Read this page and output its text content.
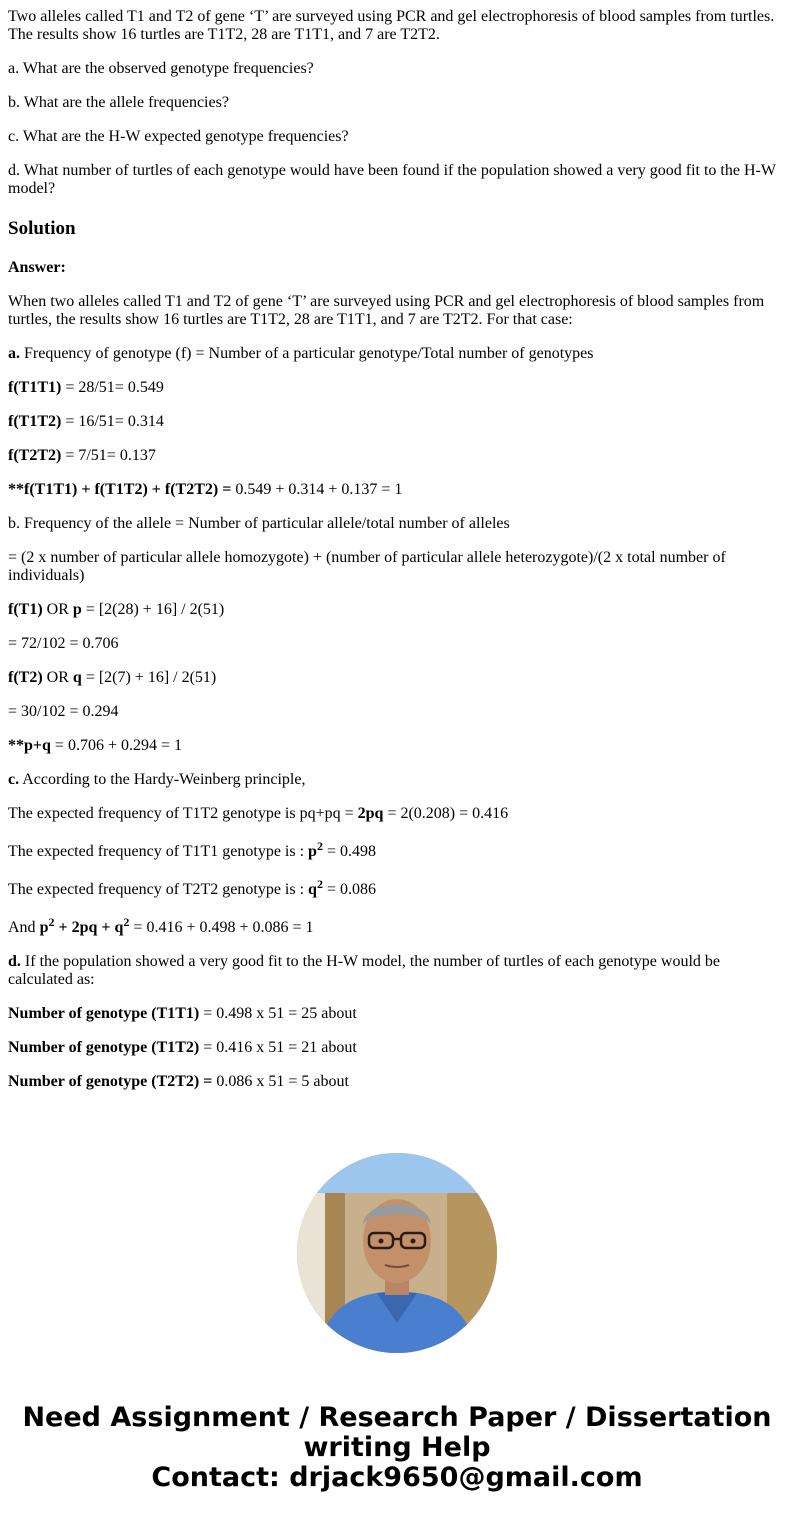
Two alleles called T1 and T2 of gene ‘T’ are surveyed using PCR and gel electrophoresis of blood samples from turtles. The results show 16 turtles are T1T2, 28 are T1T1, and 7 are T2T2.

a. What are the observed genotype frequencies?

b. What are the allele frequencies?

c. What are the H-W expected genotype frequencies?

d. What number of turtles of each genotype would have been found if the population showed a very good fit to the H-W model?

Solution

Answer:

When two alleles called T1 and T2 of gene ‘T’ are surveyed using PCR and gel electrophoresis of blood samples from turtles, the results show 16 turtles are T1T2, 28 are T1T1, and 7 are T2T2. For that case:

a. Frequency of genotype (f) = Number of a particular genotype/Total number of genotypes

f(T1T1) = 28/51= 0.549

f(T1T2) = 16/51= 0.314

f(T2T2) = 7/51= 0.137

**f(T1T1) + f(T1T2) + f(T2T2) = 0.549 + 0.314 + 0.137 = 1

b. Frequency of the allele = Number of particular allele/total number of alleles

= (2 x number of particular allele homozygote) + (number of particular allele heterozygote)/(2 x total number of individuals)

f(T1) OR p = [2(28) + 16] / 2(51)

= 72/102 = 0.706

f(T2) OR q = [2(7) + 16] / 2(51)

= 30/102 = 0.294

**p+q = 0.706 + 0.294 = 1

c. According to the Hardy-Weinberg principle,

The expected frequency of T1T2 genotype is pq+pq = 2pq = 2(0.208) = 0.416

The expected frequency of T1T1 genotype is : $p^2 = 0.498$

The expected frequency of T2T2 genotype is : $q^2 = 0.086$

And $p^2 + 2pq + q^2 = 0.416 + 0.498 + 0.086 = 1$

d. If the population showed a very good fit to the H-W model, the number of turtles of each genotype would be calculated as:

Number of genotype (T1T1) = 0.498 x 51 = 25 about

Number of genotype (T1T2) = 0.416 x 51 = 21 about

Number of genotype (T2T2) = 0.086 x 51 = 5 about

Need Assignment / Research Paper / Dissertation
writing Help
Contact: drjack9650@gmail.com
